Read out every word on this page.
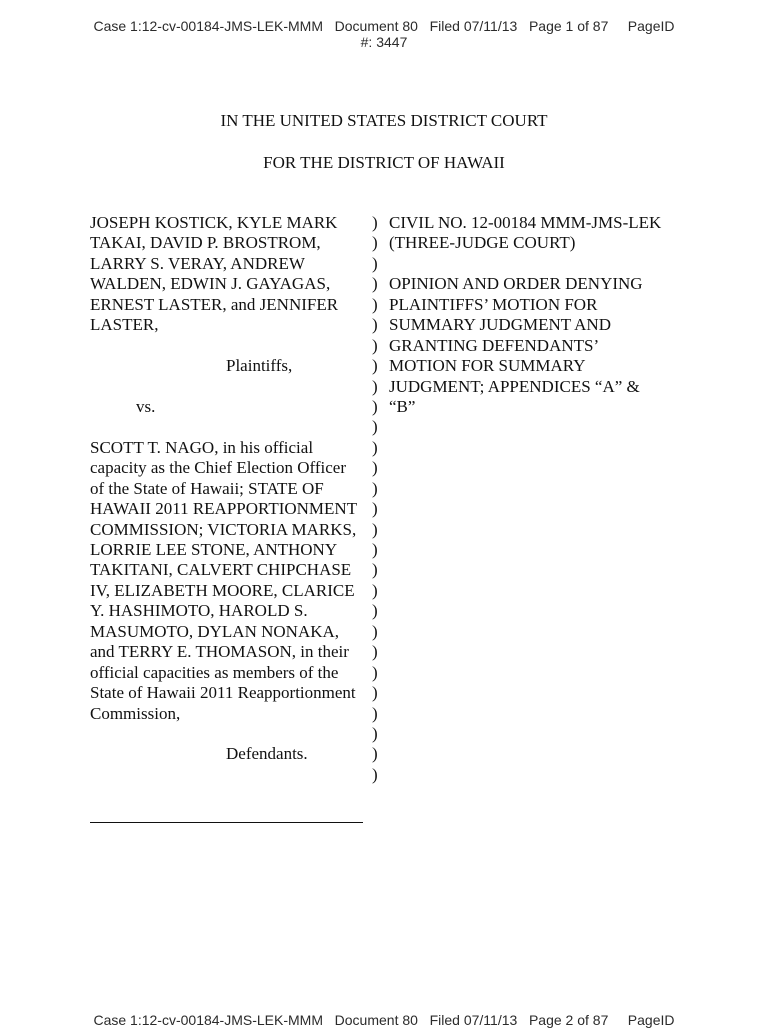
Case 1:12-cv-00184-JMS-LEK-MMM   Document 80   Filed 07/11/13   Page 1 of 87     PageID
#: 3447
IN THE UNITED STATES DISTRICT COURT
FOR THE DISTRICT OF HAWAII
JOSEPH KOSTICK, KYLE MARK
TAKAI, DAVID P. BROSTROM,
LARRY S. VERAY, ANDREW
WALDEN, EDWIN J. GAYAGAS,
ERNEST LASTER, and JENNIFER
LASTER,
Plaintiffs,
vs.
SCOTT T. NAGO, in his official
capacity as the Chief Election Officer
of the State of Hawaii; STATE OF
HAWAII 2011 REAPPORTIONMENT
COMMISSION; VICTORIA MARKS,
LORRIE LEE STONE, ANTHONY
TAKITANI, CALVERT CHIPCHASE
IV, ELIZABETH MOORE, CLARICE
Y. HASHIMOTO, HAROLD S.
MASUMOTO, DYLAN NONAKA,
and TERRY E. THOMASON, in their
official capacities as members of the
State of Hawaii 2011 Reapportionment
Commission,
Defendants.

)
)
)
)
)
)
)
)
)
)
)
)
)
)
)
)
)
)
)
)
)
)
)
)
)
)
)
)
CIVIL NO. 12-00184 MMM-JMS-LEK
(THREE-JUDGE COURT)
OPINION AND ORDER DENYING
PLAINTIFFS’ MOTION FOR
SUMMARY JUDGMENT AND
GRANTING DEFENDANTS’
MOTION FOR SUMMARY
JUDGMENT; APPENDICES “A” &
“B”
Case 1:12-cv-00184-JMS-LEK-MMM   Document 80   Filed 07/11/13   Page 2 of 87     PageID
